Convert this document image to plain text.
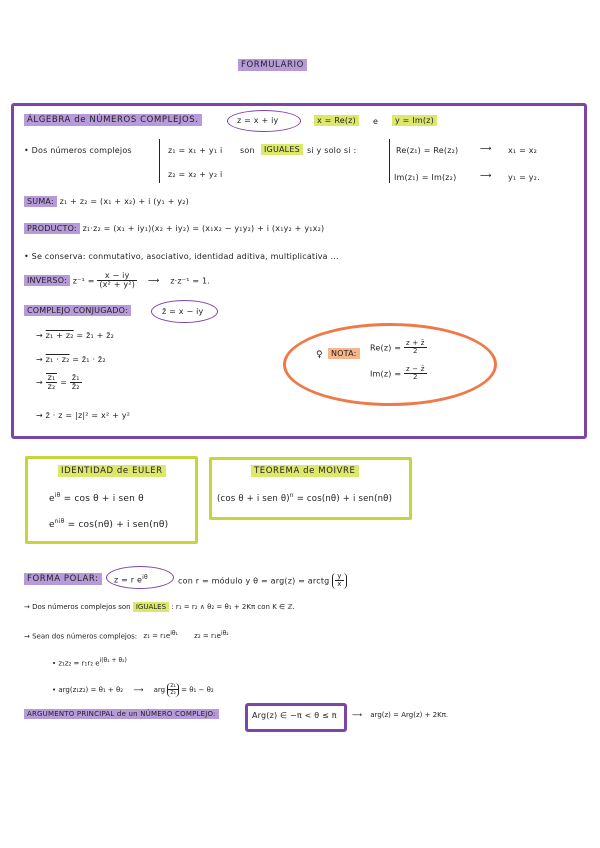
FORMULARIO
ÁLGEBRA de NÚMEROS COMPLEJOS.	z = x + iy	x = Re(z)	e	y = Im(z)
• Dos números complejos	z₁ = x₁ + y₁ i
z₂ = x₂ + y₂ i
son	IGUALES si y solo si :	Re(z₁) = Re(z₂)	⟶ x₁ = x₂
Im(z₁) = Im(z₂)	⟶ y₁ = y₂.
SUMA: z₁ + z₂ = (x₁ + x₂) + i (y₁ + y₂)
PRODUCTO: z₁·z₂ = (x₁ + iy₁)(x₂ + iy₂) = (x₁x₂ − y₁y₂) + i (x₁y₂ + y₁x₂)
• Se conserva: conmutativo, asociativo, identidad aditiva, multiplicativa ...
INVERSO: $z^{-1} = \frac{x - iy}{\text{(x² + y²)}}$ ⟶ z·z⁻¹ = 1.
COMPLEJO CONJUGADO:	z̄ = x − iy
→ z₁ + z₂ = z̄₁ + z̄₂
→ z₁ · z₂ = z̄₁ · z̄₂
→ $\frac{\text{z₁}}{\text{z₂}} = \frac{\text{z̄₁}}{\text{z̄₂}}$
→ z̄ · z = |z|² = x² + y²
♀	NOTA:
$Re(z) = \frac{z + z̄}{2}$
$Im(z) = \frac{z - z̄}{2}$
IDENTIDAD de EULER
$e^{i\theta} = \cos \theta + i$ sen θ
$e^{ni\theta} = \cos(n\theta) + i$ sen(nθ)
TEOREMA de MOIVRE
(cos θ + i sen θ)$^n$ = cos(nθ) + i sen(nθ)
FORMA POLAR:	z = r $e^{i\theta}$	con r = módulo y θ = arg(z) = arctg $\frac{y}{x}$
→ Dos números complejos son IGUALES : r₁ = r₂ ∧ θ₂ = θ₁ + 2Kπ con K ∈ ℤ.
→ Sean dos números complejos: $z_1 = r_1e^{i\theta_1}$ $z_2 = r_1e^{i\theta_2}$
• z₁z₂ = r₁r₂ $e^{i(\theta_1 + \theta_2)}$
• arg(z₁z₂) = θ₁ + θ₂ ⟶ arg $\frac{\text{z₁}}{\text{z₂}} = \theta_1 - \theta_2$
ARGUMENTO PRINCIPAL de un NÚMERO COMPLEJO:	Arg(z) ∈ −π < θ ≤ π ⟶ arg(z) = Arg(z) + 2Kπ.
